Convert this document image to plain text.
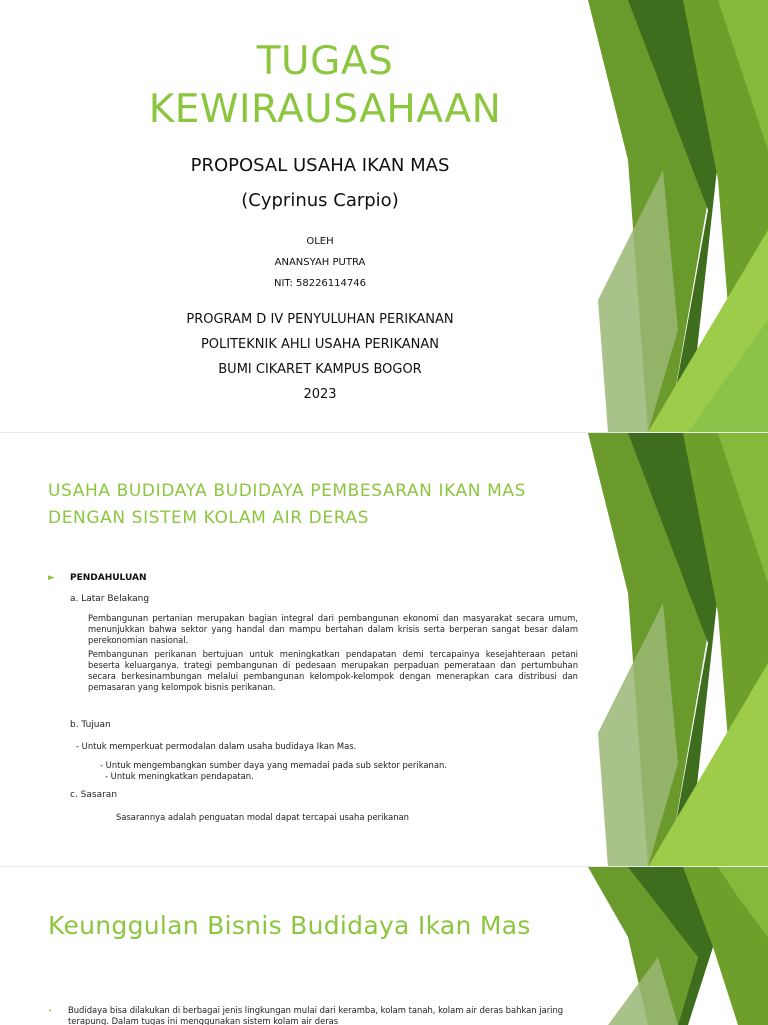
TUGAS
KEWIRAUSAHAAN

PROPOSAL USAHA IKAN MAS

(Cyprinus Carpio)

OLEH

ANANSYAH PUTRA

NIT: 58226114746

PROGRAM D IV PENYULUHAN PERIKANAN

POLITEKNIK AHLI USAHA PERIKANAN

BUMI CIKARET KAMPUS BOGOR

2023

USAHA BUDIDAYA BUDIDAYA PEMBESARAN IKAN MAS
DENGAN SISTEM KOLAM AIR DERAS
► PENDAHULUAN
a. Latar Belakang

Pembangunan pertanian merupakan bagian integral dari pembangunan ekonomi dan masyarakat secara umum, menunjukkan bahwa sektor yang handal dan mampu bertahan dalam krisis serta berperan sangat besar dalam perekonomian nasional.

Pembangunan perikanan bertujuan untuk meningkatkan pendapatan demi tercapainya kesejahteraan petani beserta keluarganya. trategi pembangunan di pedesaan merupakan perpaduan pemerataan dan pertumbuhan secara berkesinambungan melalui pembangunan kelompok-kelompok dengan menerapkan cara distribusi dan pemasaran yang kelompok bisnis perikanan.

b. Tujuan
- Untuk memperkuat permodalan dalam usaha budidaya Ikan Mas.
- Untuk mengembangkan sumber daya yang memadai pada sub sektor perikanan.
- Untuk meningkatkan pendapatan.
c. Sasaran
Sasarannya adalah penguatan modal dapat tercapai usaha perikanan
Keunggulan Bisnis Budidaya Ikan Mas
• Budidaya bisa dilakukan di berbagai jenis lingkungan mulai dari keramba, kolam tanah, kolam air deras bahkan jaring terapung. Dalam tugas ini menggunakan sistem kolam air deras
